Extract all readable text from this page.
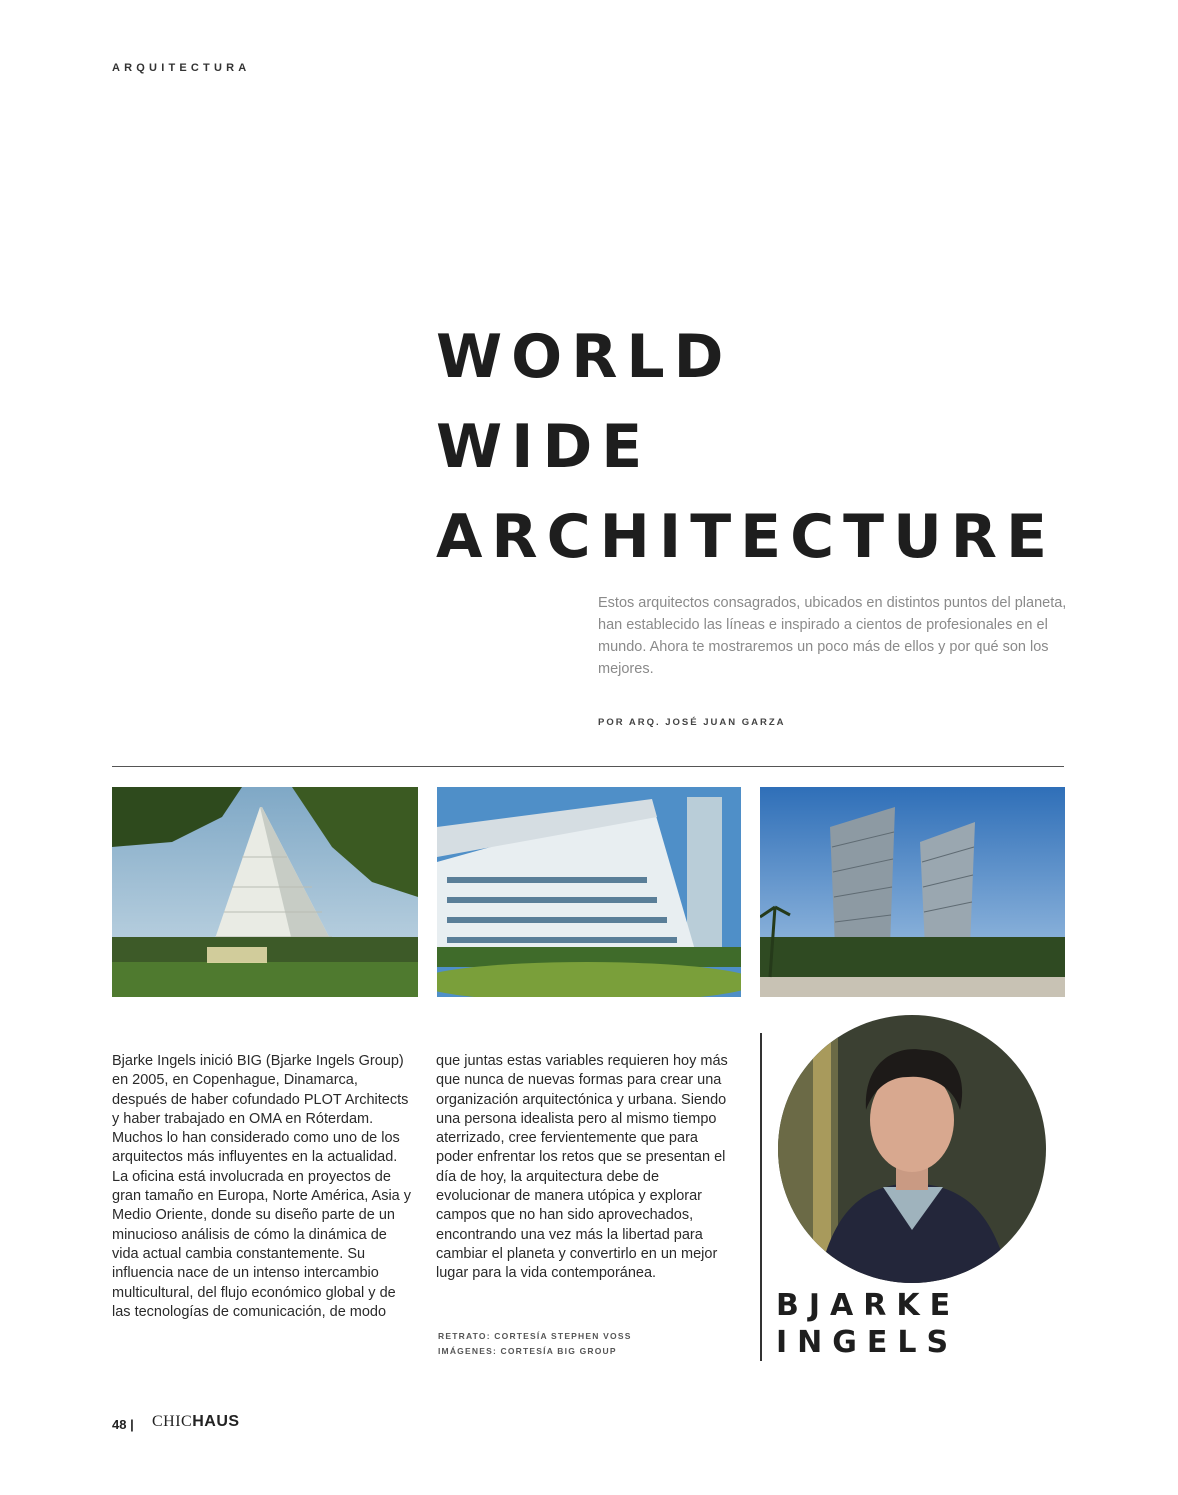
ARQUITECTURA
WORLD
WIDE
ARCHITECTURE

Estos arquitectos consagrados, ubicados en distintos puntos del planeta, han establecido las líneas e inspirado a cientos de profesionales en el mundo. Ahora te mostraremos un poco más de ellos y por qué son los mejores.

POR ARQ. JOSÉ JUAN GARZA

Bjarke Ingels inició BIG (Bjarke Ingels Group) en 2005, en Copenhague, Dinamarca, después de haber cofundado PLOT Architects y haber trabajado en OMA en Róterdam. Muchos lo han considerado como uno de los arquitectos más influyentes en la actualidad. La oficina está involucrada en proyectos de gran tamaño en Europa, Norte América, Asia y Medio Oriente, donde su diseño parte de un minucioso análisis de cómo la dinámica de vida actual cambia constantemente. Su influencia nace de un intenso intercambio multicultural, del flujo económico global y de las tecnologías de comunicación, de modo

que juntas estas variables requieren hoy más que nunca de nuevas formas para crear una organización arquitectónica y urbana. Siendo una persona idealista pero al mismo tiempo aterrizado, cree fervientemente que para poder enfrentar los retos que se presentan el día de hoy, la arquitectura debe de evolucionar de manera utópica y explorar campos que no han sido aprovechados, encontrando una vez más la libertad para cambiar el planeta y convertirlo en un mejor lugar para la vida contemporánea.

RETRATO: CORTESÍA STEPHEN VOSS
IMÁGENES: CORTESÍA BIG GROUP
BJARKE
INGELS
48 | CHICHAUS
